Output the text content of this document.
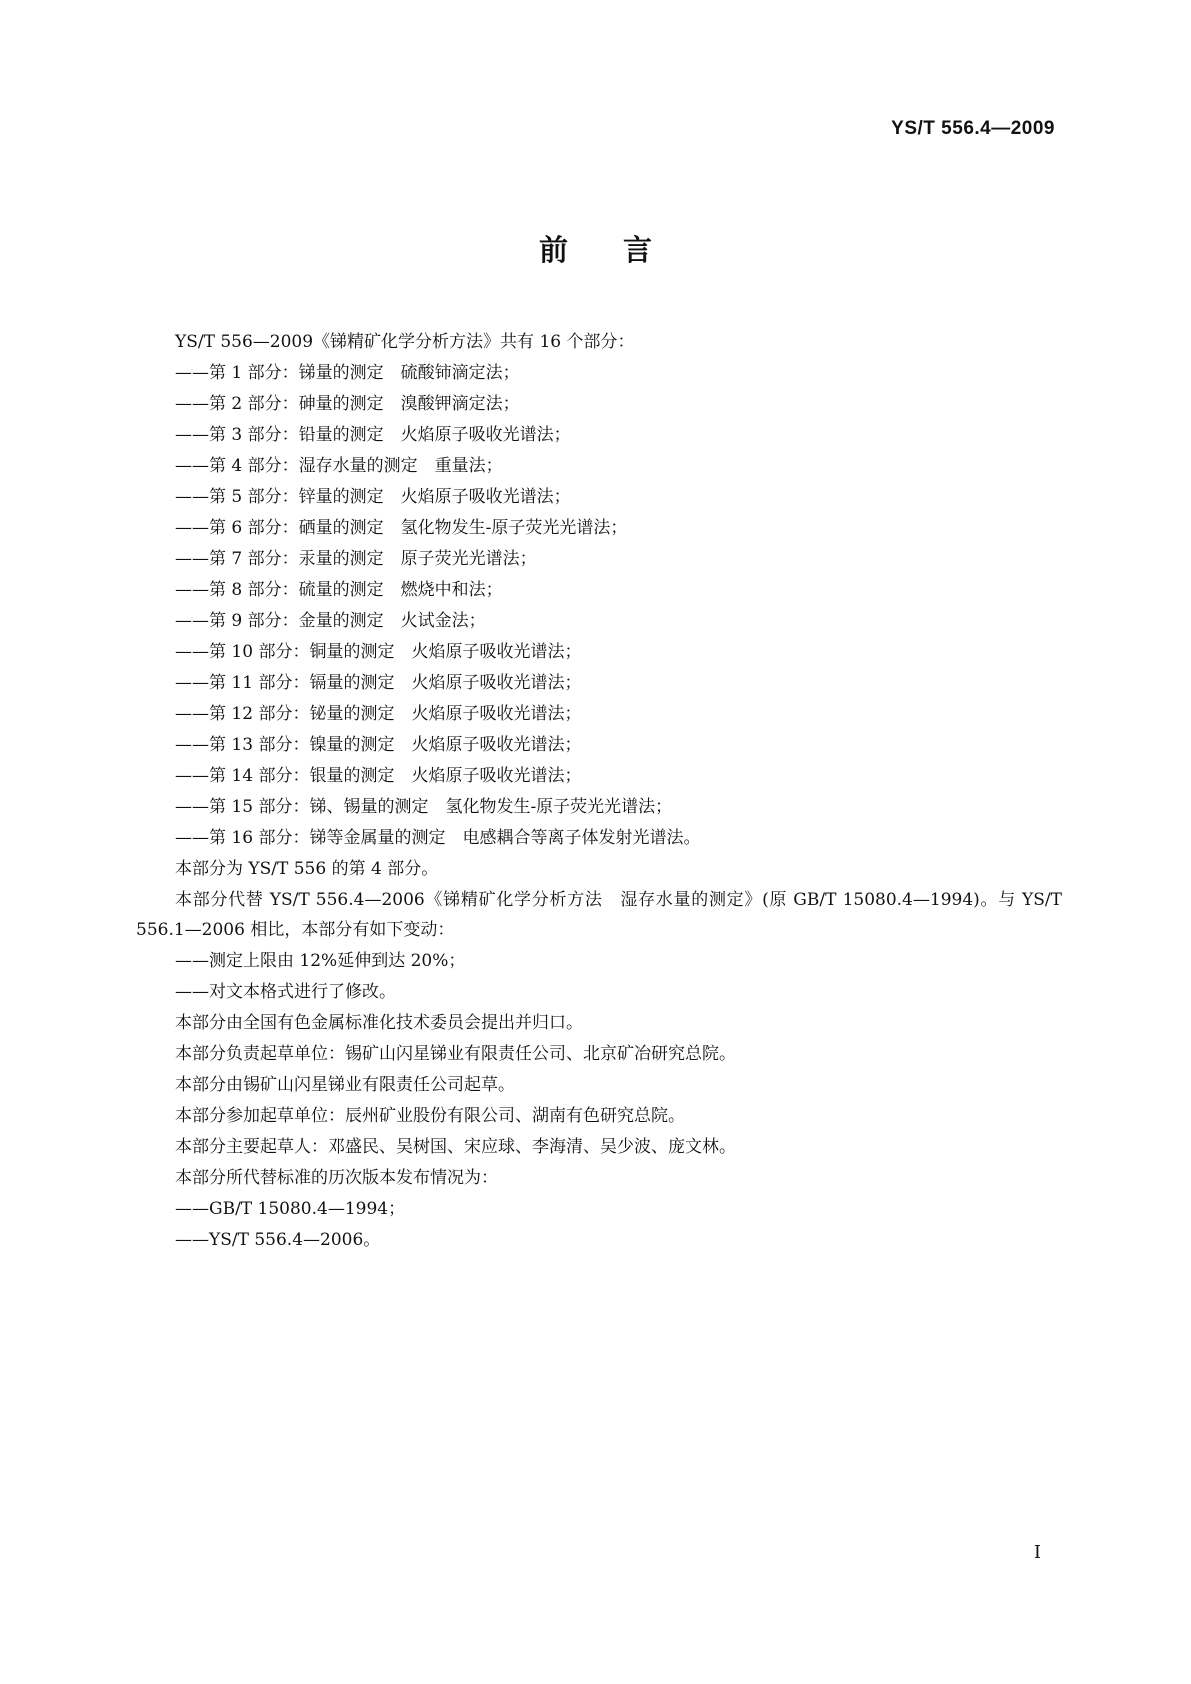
YS/T 556.4—2009
前言
YS/T 556—2009《锑精矿化学分析方法》共有 16 个部分：
——第 1 部分：锑量的测定　硫酸铈滴定法；
——第 2 部分：砷量的测定　溴酸钾滴定法；
——第 3 部分：铅量的测定　火焰原子吸收光谱法；
——第 4 部分：湿存水量的测定　重量法；
——第 5 部分：锌量的测定　火焰原子吸收光谱法；
——第 6 部分：硒量的测定　氢化物发生-原子荧光光谱法；
——第 7 部分：汞量的测定　原子荧光光谱法；
——第 8 部分：硫量的测定　燃烧中和法；
——第 9 部分：金量的测定　火试金法；
——第 10 部分：铜量的测定　火焰原子吸收光谱法；
——第 11 部分：镉量的测定　火焰原子吸收光谱法；
——第 12 部分：铋量的测定　火焰原子吸收光谱法；
——第 13 部分：镍量的测定　火焰原子吸收光谱法；
——第 14 部分：银量的测定　火焰原子吸收光谱法；
——第 15 部分：锑、锡量的测定　氢化物发生-原子荧光光谱法；
——第 16 部分：锑等金属量的测定　电感耦合等离子体发射光谱法。
本部分为 YS/T 556 的第 4 部分。
本部分代替 YS/T 556.4—2006《锑精矿化学分析方法　湿存水量的测定》(原 GB/T 15080.4—1994)。与 YS/T 556.1—2006 相比，本部分有如下变动：
——测定上限由 12%延伸到达 20%；
——对文本格式进行了修改。
本部分由全国有色金属标准化技术委员会提出并归口。
本部分负责起草单位：锡矿山闪星锑业有限责任公司、北京矿冶研究总院。
本部分由锡矿山闪星锑业有限责任公司起草。
本部分参加起草单位：辰州矿业股份有限公司、湖南有色研究总院。
本部分主要起草人：邓盛民、吴树国、宋应球、李海清、吴少波、庞文林。
本部分所代替标准的历次版本发布情况为：
——GB/T 15080.4—1994；
——YS/T 556.4—2006。
I
